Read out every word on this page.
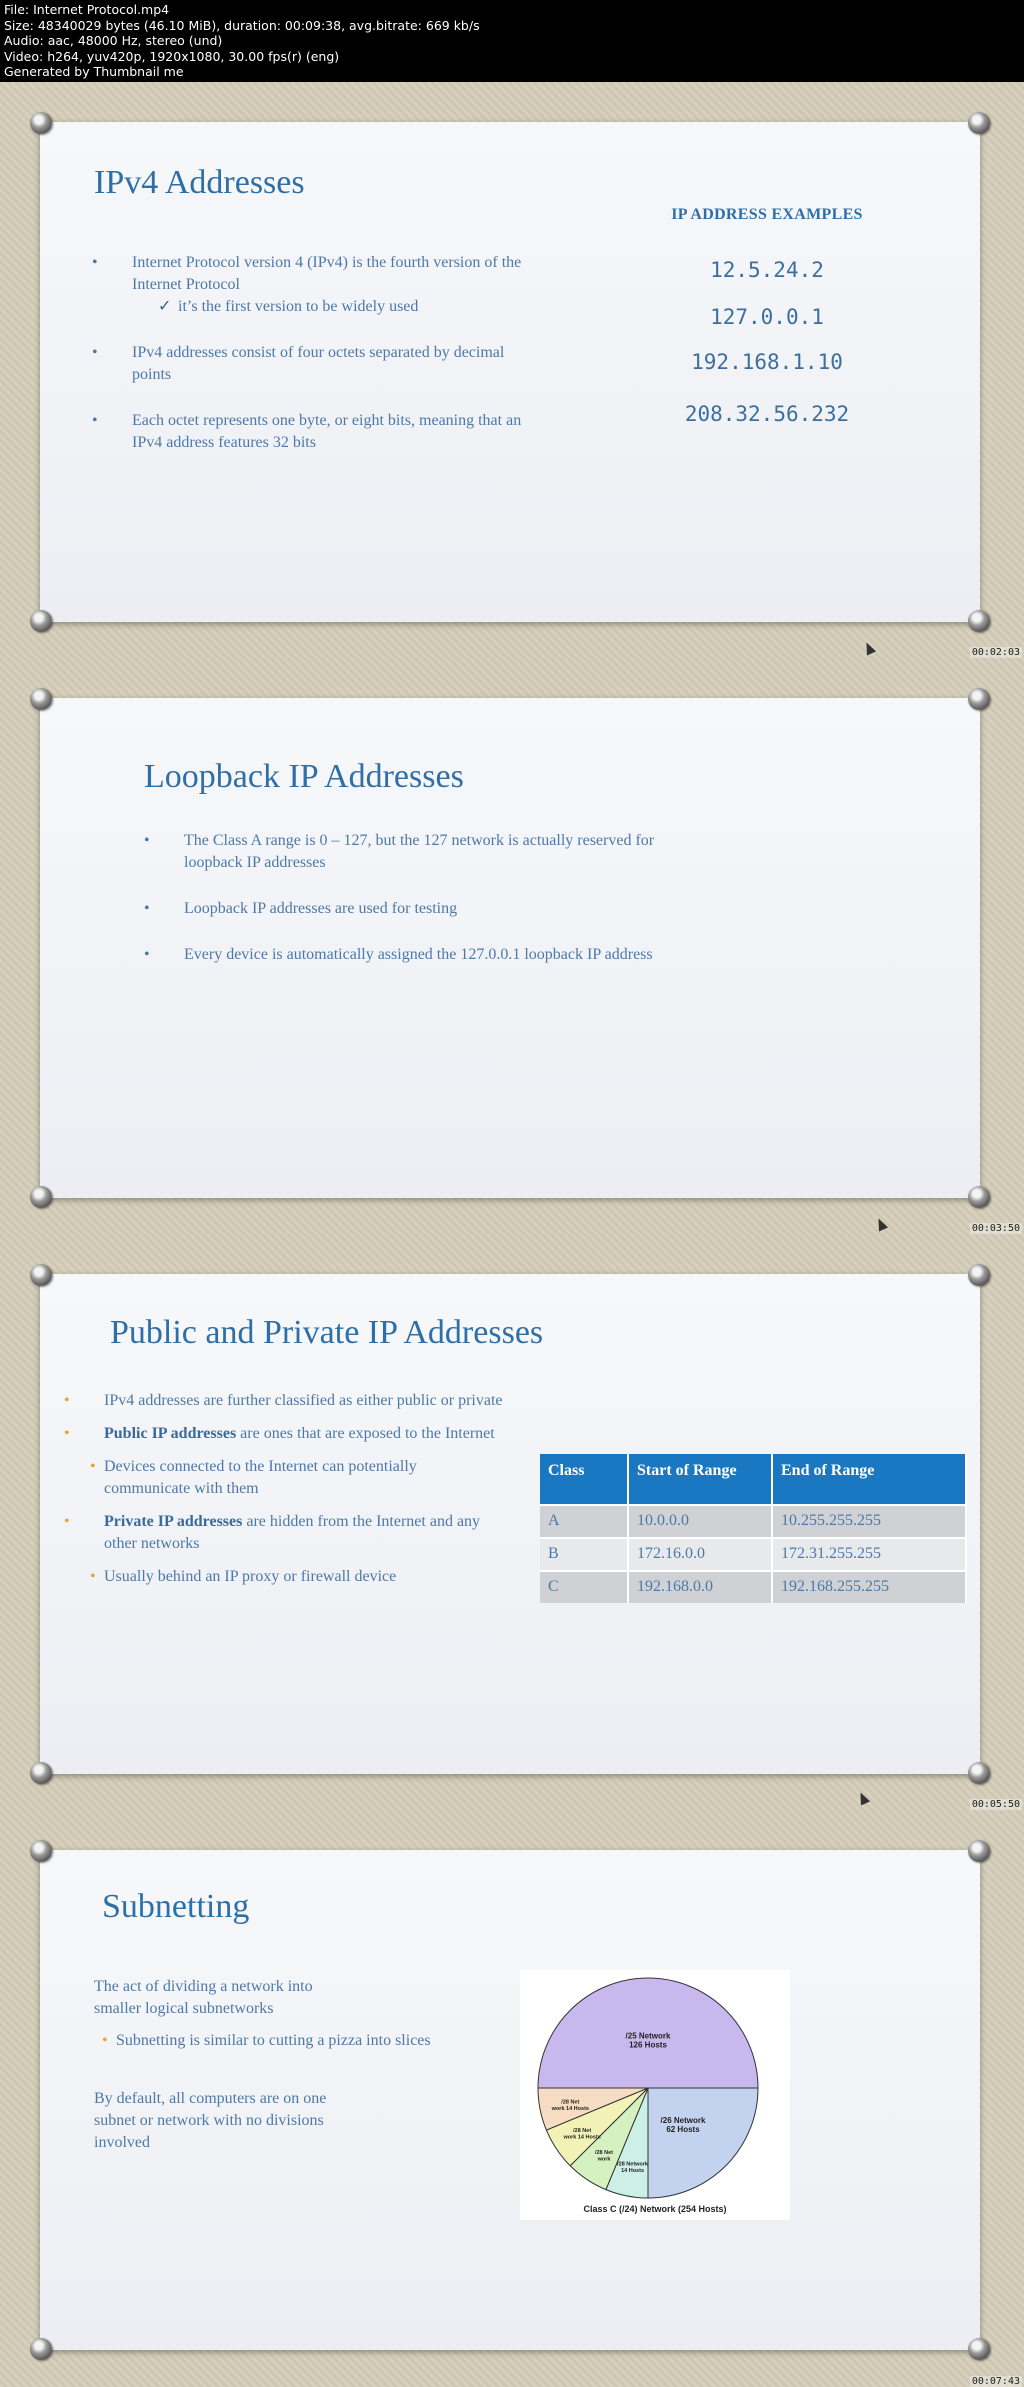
File: Internet Protocol.mp4
Size: 48340029 bytes (46.10 MiB), duration: 00:09:38, avg.bitrate: 669 kb/s
Audio: aac, 48000 Hz, stereo (und)
Video: h264, yuv420p, 1920x1080, 30.00 fps(r) (eng)
Generated by Thumbnail me
IPv4 Addresses
• Internet Protocol version 4 (IPv4) is the fourth version of the Internet Protocol
✓ it’s the first version to be widely used
• IPv4 addresses consist of four octets separated by decimal points
• Each octet represents one byte, or eight bits, meaning that an IPv4 address features 32 bits
IP ADDRESS EXAMPLES
12.5.24.2
127.0.0.1
192.168.1.10
208.32.56.232
00:02:03
Loopback IP Addresses
• The Class A range is 0 – 127, but the 127 network is actually reserved for loopback IP addresses
• Loopback IP addresses are used for testing
• Every device is automatically assigned the 127.0.0.1 loopback IP address
00:03:50
Public and Private IP Addresses
• IPv4 addresses are further classified as either public or private
• Public IP addresses are ones that are exposed to the Internet
• Devices connected to the Internet can potentially communicate with them
• Private IP addresses are hidden from the Internet and any other networks
• Usually behind an IP proxy or firewall device
Class	Start of Range	End of Range
A	10.0.0.0	10.255.255.255
B	172.16.0.0	172.31.255.255
C	192.168.0.0	192.168.255.255
00:05:50
Subnetting
The act of dividing a network into smaller logical subnetworks
• Subnetting is similar to cutting a pizza into slices
By default, all computers are on one subnet or network with no divisions involved
/25 Network
126 Hosts
/26 Network
62 Hosts
/28 Network
14 Hosts
/28 Net
work
/28 Net
work 14 Hosts
/28 Net
work 14 Hosts
Class C (/24) Network (254 Hosts)
00:07:43
